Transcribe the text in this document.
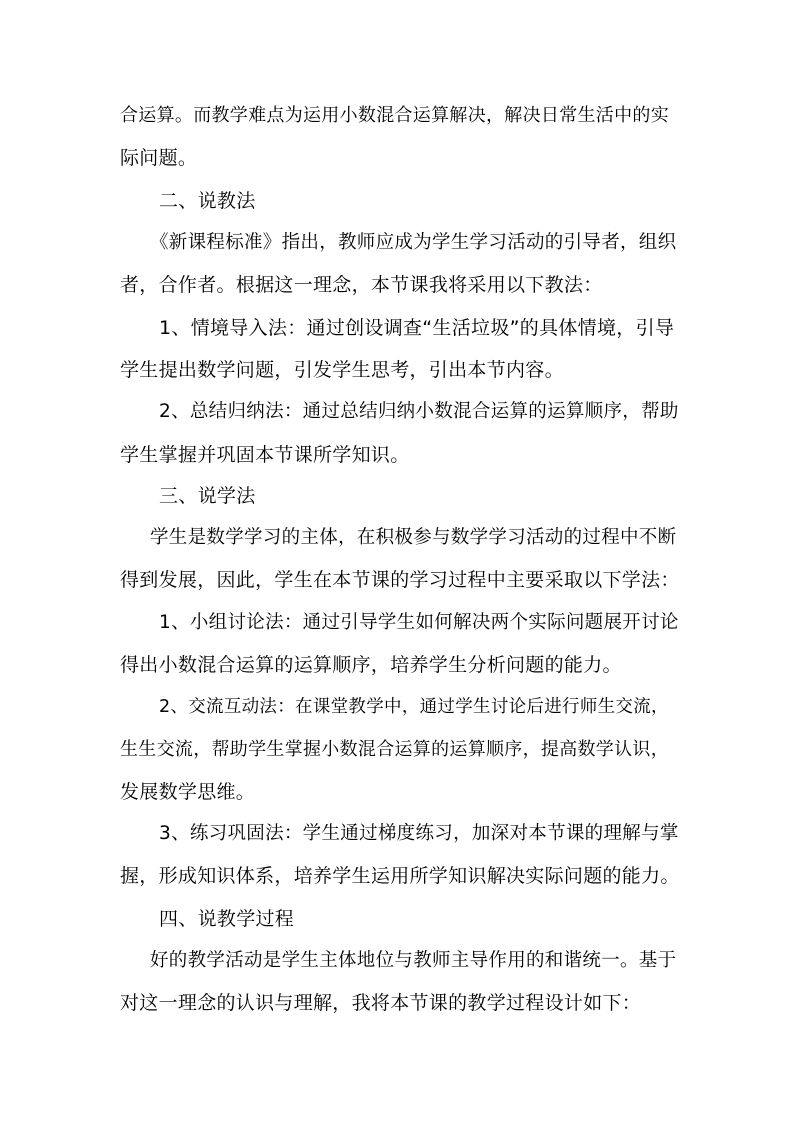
合运算。而教学难点为运用小数混合运算解决，解决日常生活中的实
际问题。
二、说教法
《新课程标准》指出，教师应成为学生学习活动的引导者，组织
者，合作者。根据这一理念，本节课我将采用以下教法：
1、情境导入法：通过创设调查“生活垃圾”的具体情境，引导
学生提出数学问题，引发学生思考，引出本节内容。
2、总结归纳法：通过总结归纳小数混合运算的运算顺序，帮助
学生掌握并巩固本节课所学知识。
三、说学法
学生是数学学习的主体，在积极参与数学学习活动的过程中不断
得到发展，因此，学生在本节课的学习过程中主要采取以下学法：
1、小组讨论法：通过引导学生如何解决两个实际问题展开讨论
得出小数混合运算的运算顺序，培养学生分析问题的能力。
2、交流互动法：在课堂教学中，通过学生讨论后进行师生交流，
生生交流，帮助学生掌握小数混合运算的运算顺序，提高数学认识，
发展数学思维。
3、练习巩固法：学生通过梯度练习，加深对本节课的理解与掌
握，形成知识体系，培养学生运用所学知识解决实际问题的能力。
四、说教学过程
好的教学活动是学生主体地位与教师主导作用的和谐统一。基于
对这一理念的认识与理解，我将本节课的教学过程设计如下：
